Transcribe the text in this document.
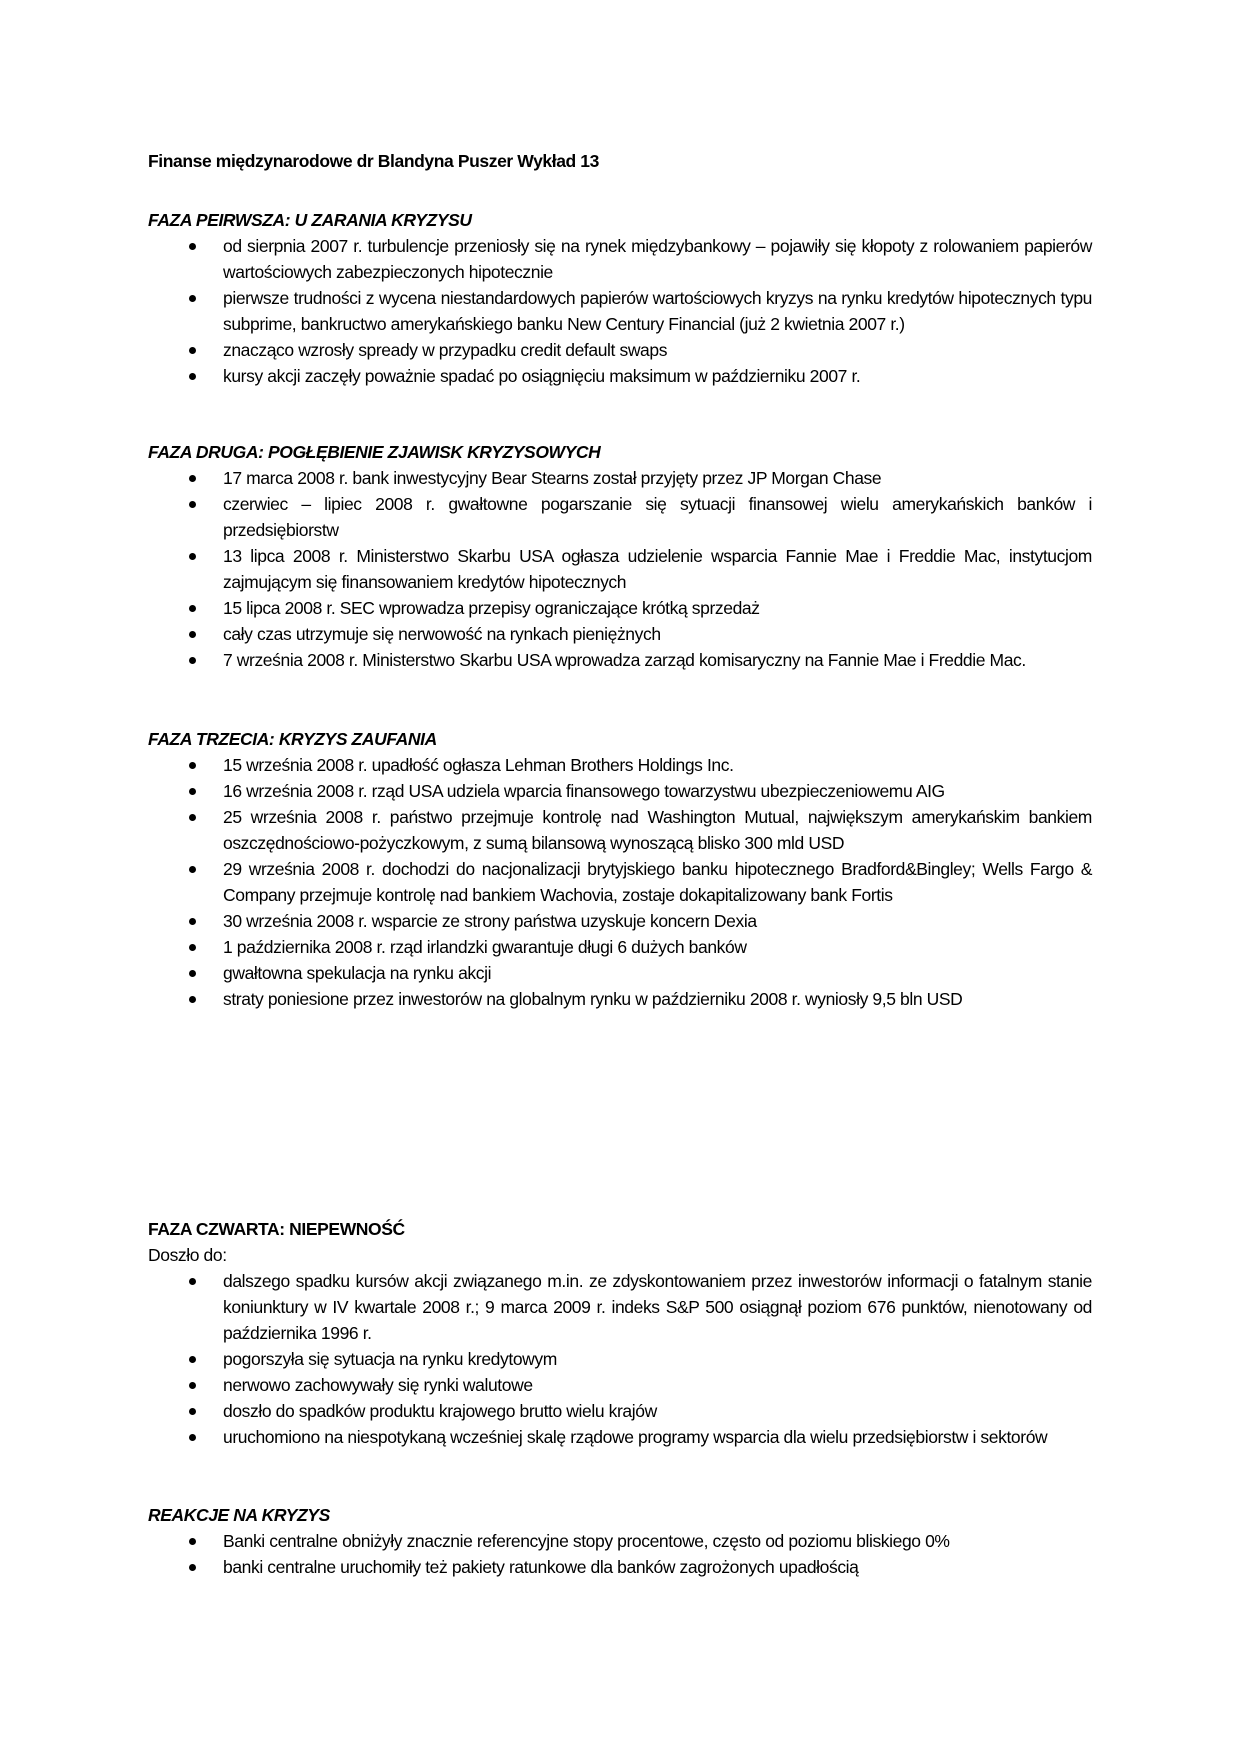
Finanse międzynarodowe dr Blandyna Puszer Wykład 13
FAZA PEIRWSZA: U ZARANIA KRYZYSU
od sierpnia 2007 r. turbulencje przeniosły się na rynek międzybankowy – pojawiły się kłopoty z rolowaniem papierów wartościowych zabezpieczonych hipotecznie
pierwsze trudności z wycena niestandardowych papierów wartościowych kryzys na rynku kredytów hipotecznych typu subprime, bankructwo amerykańskiego banku New Century Financial (już 2 kwietnia 2007 r.)
znacząco wzrosły spready w przypadku credit default swaps
kursy akcji zaczęły poważnie spadać po osiągnięciu maksimum w październiku 2007 r.
FAZA DRUGA: POGŁĘBIENIE ZJAWISK KRYZYSOWYCH
17 marca 2008 r. bank inwestycyjny Bear Stearns został przyjęty przez JP Morgan Chase
czerwiec – lipiec 2008 r. gwałtowne pogarszanie się sytuacji finansowej wielu amerykańskich banków i przedsiębiorstw
13 lipca 2008 r. Ministerstwo Skarbu USA ogłasza udzielenie wsparcia Fannie Mae i Freddie Mac, instytucjom zajmującym się finansowaniem kredytów hipotecznych
15 lipca 2008 r. SEC wprowadza przepisy ograniczające krótką sprzedaż
cały czas utrzymuje się nerwowość na rynkach pieniężnych
7 września 2008 r. Ministerstwo Skarbu USA wprowadza zarząd komisaryczny na Fannie Mae i Freddie Mac.
FAZA TRZECIA: KRYZYS ZAUFANIA
15 września 2008 r. upadłość ogłasza Lehman Brothers Holdings Inc.
16 września 2008 r. rząd USA udziela wparcia finansowego towarzystwu ubezpieczeniowemu AIG
25 września 2008 r. państwo przejmuje kontrolę nad Washington Mutual, największym amerykańskim bankiem oszczędnościowo-pożyczkowym, z sumą bilansową wynoszącą blisko 300 mld USD
29 września 2008 r. dochodzi do nacjonalizacji brytyjskiego banku hipotecznego Bradford&Bingley; Wells Fargo & Company przejmuje kontrolę nad bankiem Wachovia, zostaje dokapitalizowany bank Fortis
30 września 2008 r. wsparcie ze strony państwa uzyskuje koncern Dexia
1 października 2008 r. rząd irlandzki gwarantuje długi 6 dużych banków
gwałtowna spekulacja na rynku akcji
straty poniesione przez inwestorów na globalnym rynku w październiku 2008 r. wyniosły 9,5 bln USD
FAZA CZWARTA: NIEPEWNOŚĆ
Doszło do:
dalszego spadku kursów akcji związanego m.in. ze zdyskontowaniem przez inwestorów informacji o fatalnym stanie koniunktury w IV kwartale 2008 r.; 9 marca 2009 r. indeks S&P 500 osiągnął poziom 676 punktów, nienotowany od października 1996 r.
pogorszyła się sytuacja na rynku kredytowym
nerwowo zachowywały się rynki walutowe
doszło do spadków produktu krajowego brutto wielu krajów
uruchomiono na niespotykaną wcześniej skalę rządowe programy wsparcia dla wielu przedsiębiorstw i sektorów
REAKCJE NA KRYZYS
Banki centralne obniżyły znacznie referencyjne stopy procentowe, często od poziomu bliskiego 0%
banki centralne uruchomiły też pakiety ratunkowe dla banków zagrożonych upadłością
